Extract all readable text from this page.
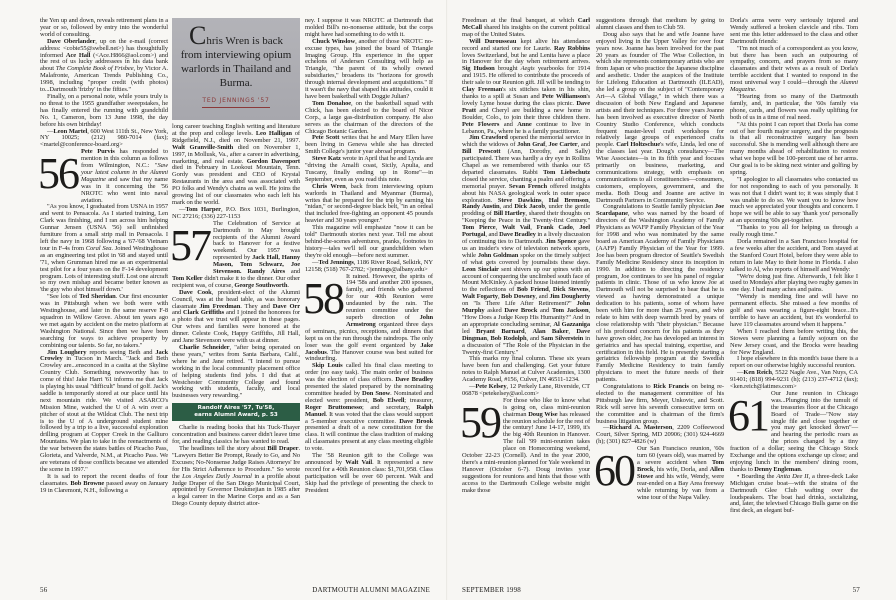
the Yen up and down, reveals retirement plans in a year or so, followed by entry into the wonderful world of consulting.

Dave Oberlander, up on the e-mail (correct address: <cobie55@swbell.net>) has thoughtfully informed Ace Hall (<Ace.H866@aol.com>) and the rest of us lucky addressees in his data bank about The Complete Book of Frisbee, by Victor A. Malafronte, American Trends Publishing Co., 1998, including "proper credit (with photos) to...Dartmouth 'frizby' in the fifties."

Finally, on a personal note, while yours truly is no threat to the 1955 grandfather sweepstakes, he has finally entered the running with grandchild No. 1, Cameron, born 13 June 1998, the day before his own birthday!

—Leon Martel, 600 West 111th St., New York, NY 10025; (212) 980-7014 (fax); <martel@conference-board.org>

56 Pete Purvis has responded to mention in this column as follows from Wilmington, N.C.: "Saw your latest column in the Alumni Magazine and saw that my name was in it concerning the '56 NROTC who went into naval aviation.

"As you know, I graduated from USNA in 1957 and went to Pensacola. As I started training, Len Clark was finishing, and I ran across him helping Gunnar Jensen (USNA '56) sell unfinished furniture from a small strip mall in Pensacola. I left the navy in 1968 following a '67-'68 Vietnam tour in F-4s from Coral Sea. Joined Westinghouse as an engineering test pilot in '68 and stayed until '71, when Grumman hired me as an experimental test pilot for a four years on the F-14 development program. Lots of interesting stuff. Lost one aircraft so my own mishap and became better known as 'the guy who shot himself down.'

"See lots of Ted Sheridan. Our first encounter was in Pittsburgh when we both were with Westinghouse, and later in the same reserve F-8 squadron in Willow Grove. About ten years ago we met again by accident on the metro platform at Washington National. Since then we have been searching for ways to achieve prosperity by combining our talents. So far, no takers."

Jim Loughery reports seeing Beth and Jack Crowley in Tucson in March. "Jack and Beth Crowley are...ensconced in a casita at the Skyline Country Club. Something newsworthy has to come of this! Jake Harri '61 informs me that Jack is playing his usual "difficult" brand of golf. Jack's saddle is temporarily stored at our place until his next mountain ride. We visited ASARCO's Mission Mine, watched the U of A win over a pitcher of stout at the Wildcat Club. The next trip is to the U of A underground student mine followed by a trip to a live, successful exploration drilling program at Copper Creek in the Galliuro Mountains. We plan to take in the reenactments of the war between the states battles of Picacho Pass, Glorieta, and Valverde, N.M., at Picacho Pass. We are veterans of those conflicts because we attended the scene in 1997."

It is sad to report the recent deaths of four classmates. Bob Browne passed away on January 19 in Claremont, N.H., following a

Chris Wren is back from interviewing opium warlords in Thailand and Burma.
TED JENNINGS '57

long career teaching English writing and literature at the prep and college levels. Leo Halligan of Ridgefield, N.J., died on November 21, 1997. Walt Granville-Smith died on November 1, 1997, in Mollusk, Va., after a career in advertising, marketing, and real estate. Gordon Davenport died in February in Lookout Mountain, Tenn. Gordy was president and CEO of Krystal Restaurants in the area and was associated with PO folks and Wendy's chains as well. He joins the growing list of our classmates who each left his mark on the world.

—Tom Harper, P.O. Box 1031, Burlington, NC 27216; (336) 227-1153

57 The Celebration of Service at Dartmouth in May brought recipients of the Alumni Award back to Hanover for a festive weekend. Our 1957 was represented by Jack Hall, Hanny Mason, Tom Schwarz, Joe Stevenson. Randy Aires and Tom Keller didn't make it to the dinner. Our other recipient was, of course, George Southworth.

Dave Cook, president-elect of the Alumni Council, was at the head table, as was honorary classmate Jim Freedman. They and Dave Orr and Clark Griffiths and I joined the honorees for a photo that we trust will appear in these pages. Our wives and families were honored at the dinner. Celeste Cook, Happy Griffiths, Jill Hall, and Jane Stevenson were with us at dinner.

Charlie Schneider, "after being operated on these years," writes from Santa Barbara, Calif., where he and Jane retired. "I intend to pursue working in the local community placement office of helping students find jobs. I did that at Westchester Community College and found working with students, faculty, and local businesses very rewarding."

Randolf Aires '57, Tu'58,
earns Alumni Award, p. 53

Charlie is reading books that his Tuck-Thayer concentration and business career didn't leave time for, and reading classics he has wanted to read.

The headlines tell the story about Bill Draper. "Lawyers Better Be Prompt, Ready to Go, and No Excuses; No-Nonsense Judge Raises Attorneys' Ire for His Strict Adherence to Procedure." So wrote the Los Angeles Daily Journal in a profile about Judge Draper of the San Diego Municipal Court, appointed by Governor Deukmejian in 1985 after a legal career in the Marine Corps and as a San Diego County deputy district attor-

ney. I suppose it was NROTC at Dartmouth that molded Bill's no-nonsense attitude, but the corps might have had something to do with it.

Chuck Winslow, another of those NROTC no-excuse types, has joined the board of Triangle Imaging Group. His experience in the upper echelons of Andersen Consulting will help as Triangle, "the parent of its wholly owned subsidiaries," broadens its "horizons for growth through internal development and acquisitions." If it wasn't the navy that shaped his attitudes, could it have been basketball with Doggie Julian?

Tom Donahoe, on the basketball squad with Chick, has been elected to the board of Nicor Corp., a large gas-distribution company. He also serves as the chairman of the directors of the Chicago Botanic Garden.

Pete Scott writes that he and Mary Ellen have been living in Geneva while she has directed Smith College's junior year abroad program.

Steve Katz wrote in April that he and Lynda are "driving the Amalfi coast, Sicily, Apulia, and Tuscany, finally ending up in Rome"—in September, even as you read this note.

Chris Wren, back from interviewing opium warlords in Thailand and Myanmar (Burma), writes that he prepared for the trip by earning his "nidan," or second-degree black belt, "in an ordeal that included free-fighting an opponent 45 pounds heavier and 30 years younger."

This magazine will emphasize "now it can be told" Dartmouth stories next year. Tell me about behind-the-scenes adventures, pranks, footnotes to history—tales we'll tell our grandchildren when they're old enough—before next summer.

—Ted Jennings, 1186 River Road, Selkirk, NY 12158; (518) 767-2782; <jennings@albany.edu>

58 It rained. However, the spirits of 194 '58s and another 200 spouses, family, and friends who gathered for our 40th Reunion were undaunted by the rain. The reunion committee under the superb direction of John Armstrong organized three days of seminars, picnics, receptions, and dinners that kept us on the run through the raindrops. The only loser was the golf event organized by Jake Jacobus. The Hanover course was best suited for windsurfing.

Skip Louis called his final class meeting to order (no easy task). The main order of business was the election of class officers. Dave Bradley presented the slated prepared by the nominating committee headed by Don Snow. Nominated and elected were: president, Bob Elwell; treasurer, Roger Bruttomesso; and secretary, Ralph Manuel. It was voted that the class would support a 5-member executive committee. Dave Brook presented a draft of a new constitution for the class. It will continue the class tradition of making all classmates present at any class meeting eligible to vote.

The '58 Reunion gift to the College was announced by Walt Vail. It represented a new record for a 40th Reunion class: $1,701,958. Class participation will be over 60 percent. Walt and Skip had the privilege of presenting the check to President

56	DARTMOUTH ALUMNI MAGAZINE

Freedman at the final banquet, at which Carl McCall shared his insights on the current political map of the United States.

Will Durousseau kept alive his attendance record and started one for Laurie. Ray Robbins loves Switzerland, but he and Lenita have a place in Hanover for the day when retirement arrives. Sig Hudson brought Aegis yearbooks for 1914 and 1915. He offered to contribute the proceeds of their sale to our Reunion gift. Jill will be tending to Clay Freeman's six stitches taken in his shin, thanks to a spill at Susan and Pete Williamson's lovely Lyme house during the class picnic. Dave Pratt and Cheryl are building a new home in Boulder, Colo., to join their three children there. Pete Flowers and Anne continue to live in Lebanon, Pa., where he is a family practitioner.

Jim Crawford opened the memorial service in which the widows of John Graf, Joe Carter, and Bill Prescott (Ann, Dorothy, and Sally) participated. There was hardly a dry eye in Rollins Chapel as we remembered with thanks our 65 departed classmates. Rabbi Tom Liebschutz closed the service, chanting a psalm and offering a memorial prayer. Sevan French offered insights about his NASA geological work in outer space exploration. Steve Dawkins, Hal Bremson, Randy Austin, and Dick Jacob, under the gentle prodding of Bill Hartley, shared their thoughts on "Keeping the Peace in the Twenty-first Century." Tom Pierce, Walt Vail, Frank Cado, Joel Portugal, and Dave Bradley in a lively discussion of continuing ties to Dartmouth. Jim Spence gave us an insider's view of television network sports, while John Goldman spoke on the timely subject of what gets covered by journalists these days. Leon Sinclair sent shivers up our spines with an account of conquering the unclimbed south face of Mount McKinley. A packed house listened intently to the reflections of Bob Friend, Dick Stevens, Walt Fogarty, Bob Downey, and Jim Dougherty on "Is There Life After Retirement?" John Murphy asked Dave Brock and Tom Jackson, "How Does a Judge Keep His Humanity?" And in an appropriate concluding seminar, Al Gazzaniga led Bryant Barnard, Alan Baker, Dave Dingman, Bob Rodolph, and Sam Silverstein in a discussion of "The Role of the Physician in the Twenty-first Century."

This marks my final column. These six years have been fun and challenging. Get your future notes to Ralph Manuel at Culver Academies, 1300 Academy Road, #156, Culver, IN 46511-1234.

—Pete Kelsey, 12 Perkely Lane, Riverside, CT 06878 <petekelsey@aol.com>

59 For those who like to know what is going on, class mini-reunion chairman Doug Wise has released the reunion schedule for the rest of the century! June 14-17, 1999, it's the big 40th Reunion in Hanover. The fall '99 mini-reunion takes place on Homecoming weekend, October 22-23 (Cornell). And in the year 2000, there's a mini-reunion planned for Yale weekend in Hanover (October 6-7). Doug invites your suggestions for reunions and hints that those with access to the Dartmouth College website might make those

suggestions through that medium by going to alumni classes and then to Club 59.

Doug also says that he and wife Joanne have enjoyed living in the Upper Valley for over four years now. Joanne has been involved for the past 20 years as founder of The Wise Collection, in which she represents contemporary artists who are from Japan or who practice the Japanese discipline and aesthetic. Under the auspices of the Institute for Lifelong Education at Dartmouth (ILEAD), she led a group on the subject of "Contemporary Art—A Global Village," in which there was a discussion of both New England and Japanese artists and their techniques. For three years Joanne has been involved as executive director of North Country Studio Conference, which conducts frequent master-level craft workshops for relatively large groups of experienced crafts people. Carl Holtzschue's wife, Linda, led one of the classes last year. Doug's consultancy—The Wise Associates—is in its fifth year and focuses primarily on business, marketing, and communications strategy, with emphasis on communications to all constituencies—consumers, customers, employees, government, and the media. Both Doug and Joanne are active in Dartmouth Partners in Community Service.

Congratulations to Seattle family physician Joe Scardapane, who was named by the board of directors of the Washington Academy of Family Physicians as WAFP Family Physician of the Year for 1998 and who was nominated by the same board as American Academy of Family Physicians (AAFP) Family Physician of the Year for 1999. Joe has been program director of Seattle's Swedish Family Medicine Residency since its inception in 1990. In addition to directing the residency program, Joe continues to see his panel of regular patients in clinic. Those of us who know Joe at Dartmouth will not be surprised to hear that he is viewed as having demonstrated a unique dedication to his patients, some of whom have been with him for more than 25 years, and who relate to him with deep warmth bred by years of close relationship with "their physician." Because of his profound concern for his patients as they have grown older, Joe has developed an interest in geriatrics and has special training, expertise, and certification in this field. He is presently starting a geriatrics fellowship program at the Swedish Family Medicine Residency to train family physicians to meet the future needs of their patients.

Congratulations to Rick Francis on being re-elected to the management committee of his Pittsburgh law firm, Meyer, Unkovic, and Scott. Rick will serve his seventh consecutive term on the committee and is chairman of the firm's business litigation group.

—Richard A. Masterson, 2209 Coffeewood Court, Silver Spring, MD 20906; (301) 924-4669 (h); (301) 827-4826 (w)

60 Our San Francisco reunion, '60s turn 60 (years old), was marred by a severe accident when Tom Brock, his wife, Dorla, and Allen Stowe and his wife, Wendy, were rear-ended on a Bay Area freeway while returning by van from a wine tour of the Napa Valley.

Dorla's arms were very seriously injured and Wendy suffered a broken clavicle and ribs. Tom sent me this letter addressed to the class and other Dartmouth friends:

"I'm not much of a correspondent as you know, but there has been such an outpouring of sympathy, concern, and prayers from so many classmates and their wives as a result of Dorla's terrible accident that I wanted to respond in the most universal way I could—through the Alumni Magazine.

"Hearing from so many of the Dartmouth family, and, in particular, the '60s family via phone, cards, and flowers was really uplifting for both of us in a time of real need.

"At this point I can report that Dorla has come out of her fourth major surgery, and the prognosis is that all reconstructive surgery has been successful. She is mending well although there are many months ahead of rehabilitation to restore what we hope will be 100-percent use of her arms. Our goal is to be skiing next winter and golfing by spring.

"I apologize to all classmates who contacted us for not responding to each of you personally. It was not that I didn't want to; it was simply that I was unable to do so. We want you to know how much we appreciated your thoughts and concern. I hope we will be able to say 'thank you' personally at an upcoming '60s get-together.

"Thanks to you all for helping us through a really rough time."

Dorla remained in a San Francisco hospital for a few weeks after the accident, and Tom stayed at the Stanford Court Hotel, before they were able to return in late May to their home in Florida. I also talked to Al, who reports of himself and Wendy:

"We're doing just fine. Afterwards, I felt like I used to Mondays after playing two rugby games in one day. I had many aches and pains.

"Wendy is mending fine and will have no permanent effects. She missed a few months of golf and was wearing a figure-eight brace...It's terrible to have an accident, but it's wonderful to have 119 classmates around when it happens."

When I reached them before writing this, the Stowes were planning a family sojourn on the New Jersey coast, and the Brocks were heading for New England.

I hope elsewhere in this month's issue there is a report on our otherwise highly successful reunion.

—Ken Reich, 5522 Nagle Ave., Van Nuys, CA 91401; (818) 994-9231 (h); (213) 237-4712 (fax); <ken.reich@latimes.com>

61 Our June reunion in Chicago was...Plunging into the tumult of the treasuries floor at the Chicago Board of Trade—"Now stay single file and close together or you may get knocked down"—and hearing the periodic roars as the prices changed by a tiny fraction of a dollar; seeing the Chicago Stock Exchange and the options exchange up close; and enjoying lunch in the members' dining room, thanks to Denny Engleman.

• Boarding the Anita Dee II, a three-deck Lake Michigan cruise boat—with the strains of the Dartmouth Glee Club wafting over the loudspeakers. The boat had drinks, socializing, and, later, the televised Chicago Bulls game on the first deck, an elegant buf-

SEPTEMBER 1998	57
